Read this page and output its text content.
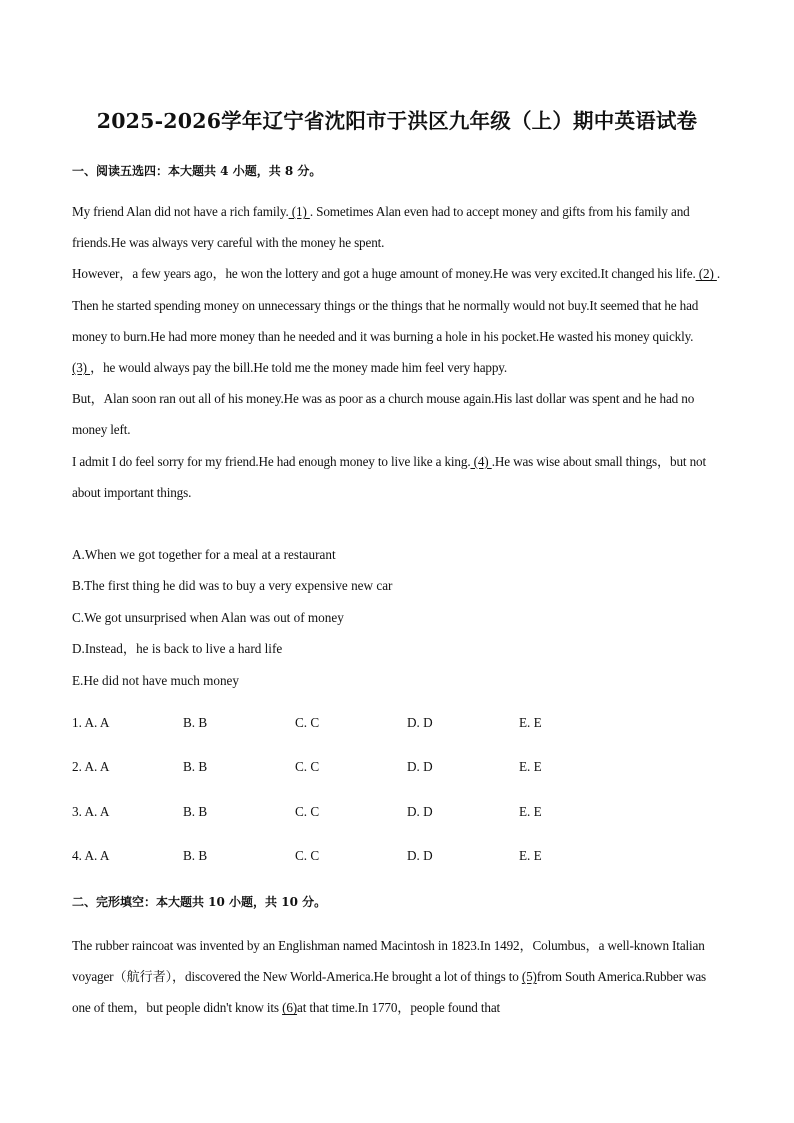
2025-2026学年辽宁省沈阳市于洪区九年级（上）期中英语试卷
一、阅读五选四：本大题共 4 小题，共 8 分。

My friend Alan did not have a rich family. (1) . Sometimes Alan even had to accept money and gifts from his family and friends.He was always very careful with the money he spent.

However，a few years ago，he won the lottery and got a huge amount of money.He was very excited.It changed his life. (2) . Then he started spending money on unnecessary things or the things that he normally would not buy.It seemed that he had money to burn.He had more money than he needed and it was burning a hole in his pocket.He wasted his money quickly.

(3) ，he would always pay the bill.He told me the money made him feel very happy.

But，Alan soon ran out all of his money.He was as poor as a church mouse again.His last dollar was spent and he had no money left.

I admit I do feel sorry for my friend.He had enough money to live like a king. (4) .He was wise about small things，but not about important things.

A.When we got together for a meal at a restaurant
B.The first thing he did was to buy a very expensive new car
C.We got unsurprised when Alan was out of money
D.Instead，he is back to live a hard life
E.He did not have much money
1. A. A	B. B	C. C	D. D	E. E
2. A. A	B. B	C. C	D. D	E. E
3. A. A	B. B	C. C	D. D	E. E
4. A. A	B. B	C. C	D. D	E. E
二、完形填空：本大题共 10 小题，共 10 分。

The rubber raincoat was invented by an Englishman named Macintosh in 1823.In 1492，Columbus，a well-known Italian voyager（航行者），discovered the New World-America.He brought a lot of things to (5)from South America.Rubber was one of them，but people didn't know its (6)at that time.In 1770，people found that
